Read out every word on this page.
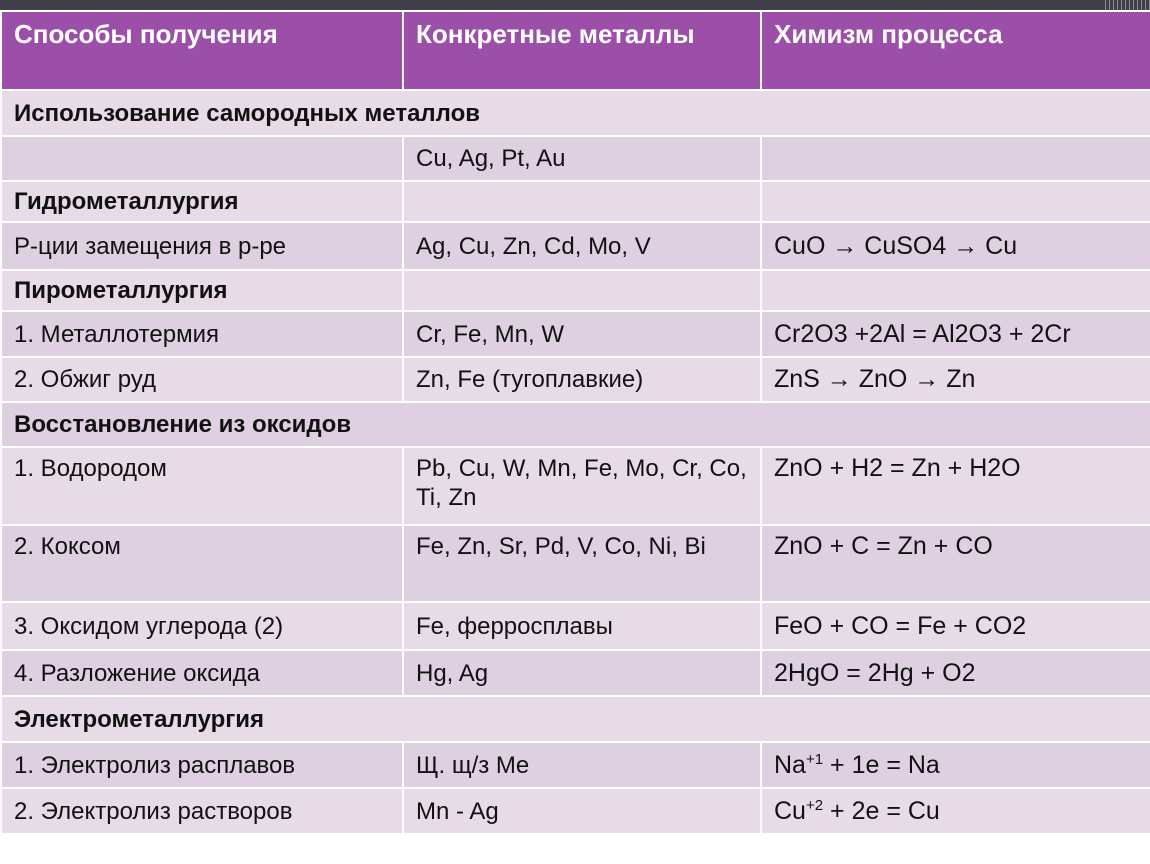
Способы получения	Конкретные металлы	Химизм процесса
Использование самородных металлов		
	Cu, Ag, Pt, Au	
Гидрометаллургия		
Р-ции замещения в р-ре	Ag, Cu, Zn, Cd, Mo, V	CuO → CuSO4 → Cu
Пирометаллургия		
1. Металлотермия	Cr, Fe, Mn, W	Cr2O3 +2Al = Al2O3 + 2Cr
2. Обжиг руд	Zn, Fe (тугоплавкие)	ZnS → ZnO → Zn
Восстановление из оксидов		
1. Водородом	Pb, Cu, W, Mn, Fe, Mo, Cr, Co, Ti, Zn	ZnO + H2 = Zn + H2O
2. Коксом	Fe, Zn, Sr, Pd, V, Co, Ni, Bi	ZnO + C = Zn + CO
3. Оксидом углерода (2)	Fe, ферросплавы	FeO + CO = Fe + CO2
4. Разложение оксида	Hg, Ag	2HgO = 2Hg + O2
Электрометаллургия		
1. Электролиз расплавов	Щ. щ/з Me	$Na^{+1} + 1e = Na$
2. Электролиз растворов	Mn - Ag	$Cu^{+2} + 2e = Cu$
